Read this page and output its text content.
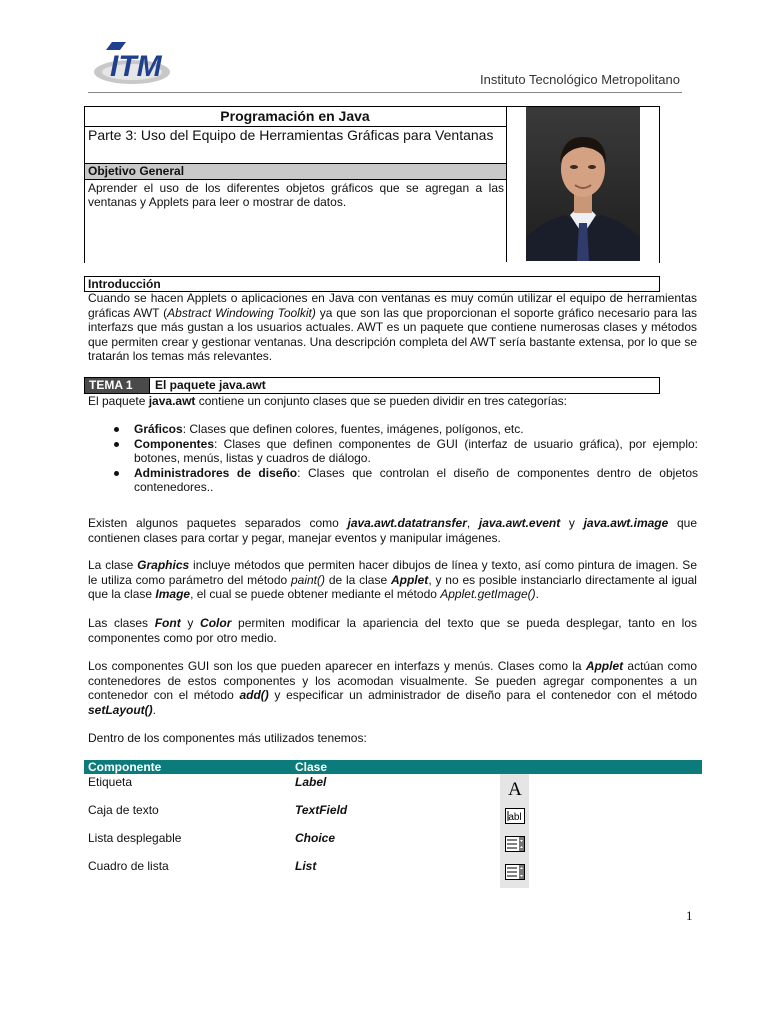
ITM	Instituto Tecnológico Metropolitano
Programación en Java
Parte 3: Uso del Equipo de Herramientas Gráficas para Ventanas
Objetivo General
Aprender el uso de los diferentes objetos gráficos que se agregan a las ventanas y Applets para leer o mostrar de datos.
Introducción
Cuando se hacen Applets o aplicaciones en Java con ventanas es muy común utilizar el equipo de herramientas gráficas AWT (Abstract Windowing Toolkit) ya que son las que proporcionan el soporte gráfico necesario para las interfazs que más gustan a los usuarios actuales. AWT es un paquete que contiene numerosas clases y métodos que permiten crear y gestionar ventanas. Una descripción completa del AWT sería bastante extensa, por lo que se tratarán los temas más relevantes.
TEMA 1	El paquete java.awt
El paquete java.awt contiene un conjunto clases que se pueden dividir en tres categorías:
Gráficos: Clases que definen colores, fuentes, imágenes, polígonos, etc.
Componentes: Clases que definen componentes de GUI (interfaz de usuario gráfica), por ejemplo: botones, menús, listas y cuadros de diálogo.
Administradores de diseño: Clases que controlan el diseño de componentes dentro de objetos contenedores..
Existen algunos paquetes separados como java.awt.datatransfer, java.awt.event y java.awt.image que contienen clases para cortar y pegar, manejar eventos y manipular imágenes.
La clase Graphics incluye métodos que permiten hacer dibujos de línea y texto, así como pintura de imagen. Se le utiliza como parámetro del método paint() de la clase Applet, y no es posible instanciarlo directamente al igual que la clase Image, el cual se puede obtener mediante el método Applet.getImage().
Las clases Font y Color permiten modificar la apariencia del texto que se pueda desplegar, tanto en los componentes como por otro medio.
Los componentes GUI son los que pueden aparecer en interfazs y menús. Clases como la Applet actúan como contenedores de estos componentes y los acomodan visualmente. Se pueden agregar componentes a un contenedor con el método add() y especificar un administrador de diseño para el contenedor con el método setLayout().
Dentro de los componentes más utilizados tenemos:
Componente	Clase
Etiqueta	Label	A
Caja de texto	TextField
abl
Lista desplegable	Choice
Cuadro de lista	List
1
